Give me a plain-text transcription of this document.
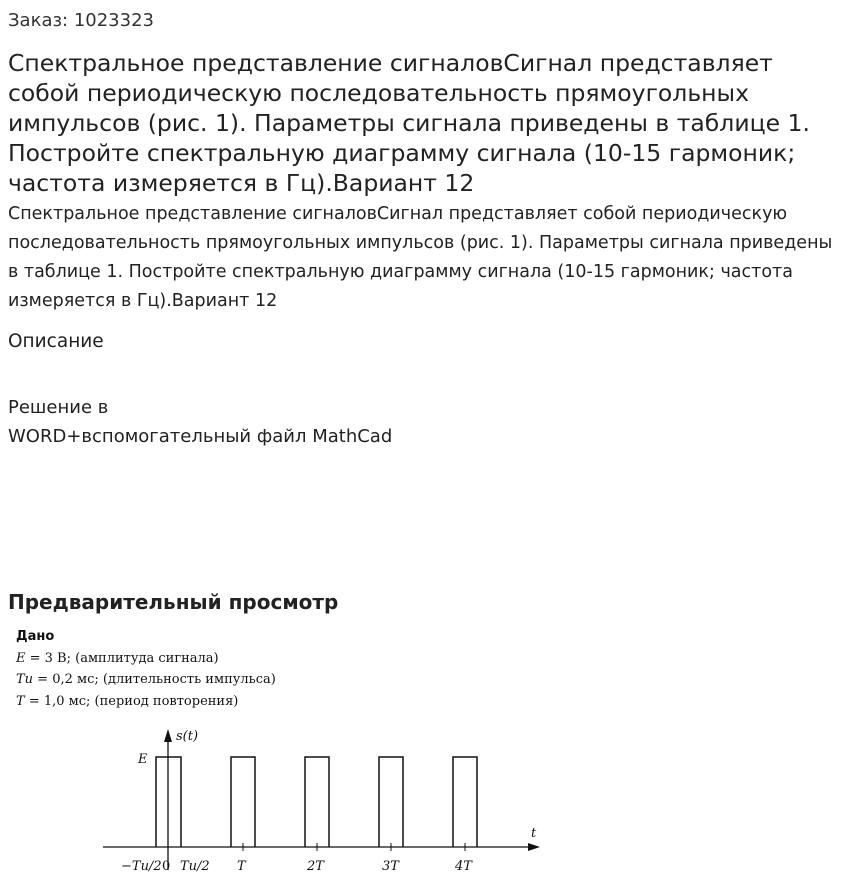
Заказ: 1023323
Спектральное представление сигналовСигнал представляет собой периодическую последовательность прямоугольных импульсов (рис. 1). Параметры сигнала приведены в таблице 1. Постройте спектральную диаграмму сигнала (10-15 гармоник; частота измеряется в Гц).Вариант 12
Спектральное представление сигналовСигнал представляет собой периодическую последовательность прямоугольных импульсов (рис. 1). Параметры сигнала приведены в таблице 1. Постройте спектральную диаграмму сигнала (10-15 гармоник; частота измеряется в Гц).Вариант 12
Описание
Решение в
WORD+вспомогательный файл MathCad
Предварительный просмотр
Дано
E = 3 В; (амплитуда сигнала)
Tи = 0,2 мс; (длительность импульса)
T = 1,0 мс; (период повторения)
s(t)
t
E
−Tи/2 0 Tи/2 T	2T	3T	4T
